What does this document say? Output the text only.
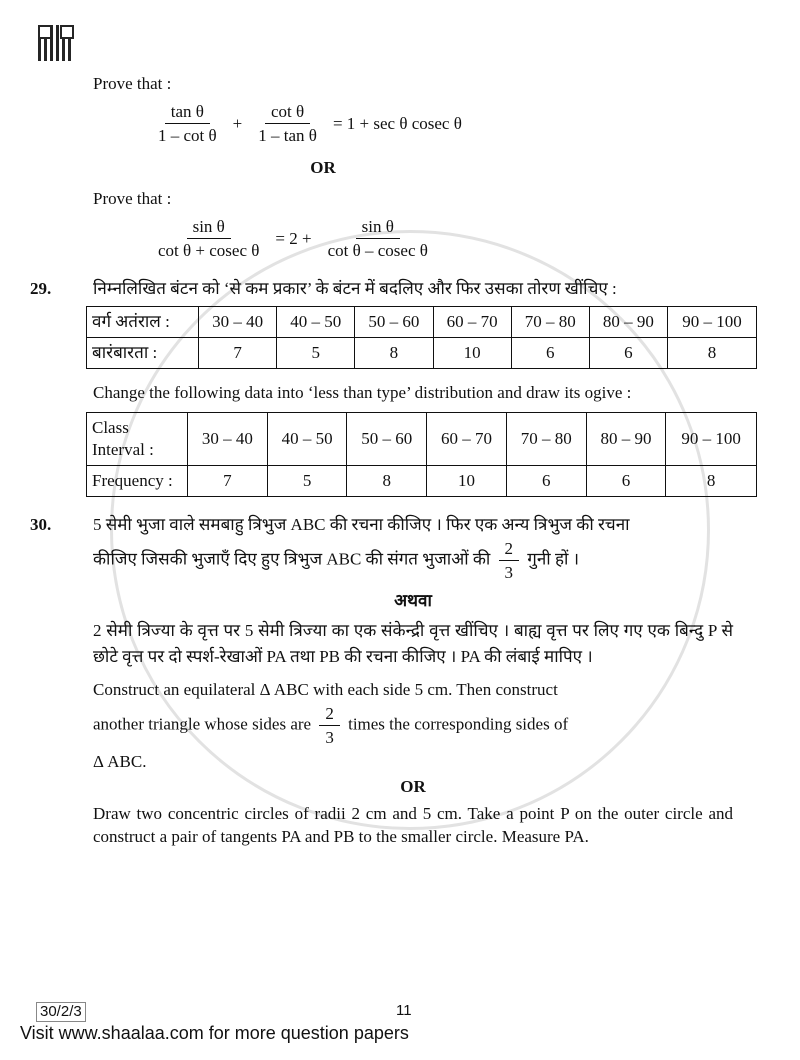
Prove that :

$\frac{\text{tan θ}}{\text{1 – cot θ}} + \frac{\text{cot θ}}{\text{1 – tan θ}} = 1 + \sec \theta$ cosec θ

OR

Prove that :

$\frac{\text{sin θ}}{\text{cot θ + cosec θ}} = 2 + \frac{\text{sin θ}}{\text{cot θ – cosec θ}}$
29. निम्नलिखित बंटन को ‘से कम प्रकार’ के बंटन में बदलिए और फिर उसका तोरण खींचिए :

वर्ग अतंराल :	30 – 40	40 – 50	50 – 60	60 – 70	70 – 80	80 – 90	90 – 100
बारंबारता :	7	5	8	10	6	6	8

Change the following data into ‘less than type’ distribution and draw its ogive :

Class Interval :	30 – 40	40 – 50	50 – 60	60 – 70	70 – 80	80 – 90	90 – 100
Frequency :	7	5	8	10	6	6	8
30. 5 सेमी भुजा वाले समबाहु त्रिभुज ABC की रचना कीजिए । फिर एक अन्य त्रिभुज की रचना

कीजिए जिसकी भुजाएँ दिए हुए त्रिभुज ABC की संगत भुजाओं की $\frac{2}{3}$ गुनी हों ।

अथवा

2 सेमी त्रिज्या के वृत्त पर 5 सेमी त्रिज्या का एक संकेन्द्री वृत्त खींचिए । बाह्य वृत्त पर लिए गए एक बिन्दु P से छोटे वृत्त पर दो स्पर्श-रेखाओं PA तथा PB की रचना कीजिए । PA की लंबाई मापिए ।

Construct an equilateral Δ ABC with each side 5 cm. Then construct

another triangle whose sides are $\frac{2}{3}$ times the corresponding sides of

Δ ABC.

OR

Draw two concentric circles of radii 2 cm and 5 cm. Take a point P on the outer circle and construct a pair of tangents PA and PB to the smaller circle. Measure PA.

30/2/3	11
Visit www.shaalaa.com for more question papers
